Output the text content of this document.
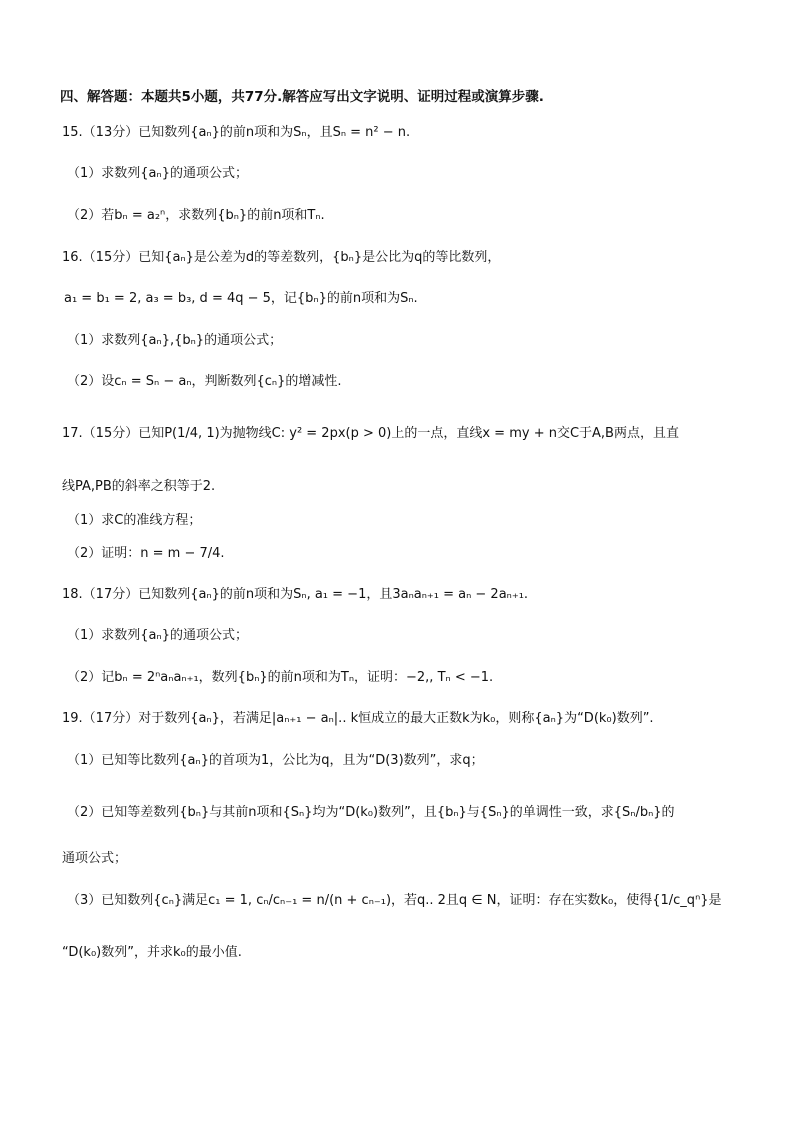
四、解答题：本题共5小题，共77分.解答应写出文字说明、证明过程或演算步骤.
15.（13分）已知数列{aₙ}的前n项和为Sₙ，且Sₙ = n² − n.
（1）求数列{aₙ}的通项公式；
（2）若bₙ = a₂ⁿ，求数列{bₙ}的前n项和Tₙ.
16.（15分）已知{aₙ}是公差为d的等差数列，{bₙ}是公比为q的等比数列，
a₁ = b₁ = 2, a₃ = b₃, d = 4q − 5，记{bₙ}的前n项和为Sₙ.
（1）求数列{aₙ},{bₙ}的通项公式；
（2）设cₙ = Sₙ − aₙ，判断数列{cₙ}的增减性.
17.（15分）已知P(1/4, 1)为抛物线C: y² = 2px(p > 0)上的一点，直线x = my + n交C于A,B两点，且直
线PA,PB的斜率之积等于2.
（1）求C的准线方程；
（2）证明：n = m − 7/4.
18.（17分）已知数列{aₙ}的前n项和为Sₙ, a₁ = −1，且3aₙaₙ₊₁ = aₙ − 2aₙ₊₁.
（1）求数列{aₙ}的通项公式；
（2）记bₙ = 2ⁿaₙaₙ₊₁，数列{bₙ}的前n项和为Tₙ，证明：−2,, Tₙ < −1.
19.（17分）对于数列{aₙ}，若满足|aₙ₊₁ − aₙ|.. k恒成立的最大正数k为k₀，则称{aₙ}为“D(k₀)数列”.
（1）已知等比数列{aₙ}的首项为1，公比为q，且为“D(3)数列”，求q；
（2）已知等差数列{bₙ}与其前n项和{Sₙ}均为“D(k₀)数列”，且{bₙ}与{Sₙ}的单调性一致，求{Sₙ/bₙ}的
通项公式；
（3）已知数列{cₙ}满足c₁ = 1, cₙ/cₙ₋₁ = n/(n + cₙ₋₁)，若q.. 2且q ∈ N，证明：存在实数k₀，使得{1/c_qⁿ}是
“D(k₀)数列”，并求k₀的最小值.
